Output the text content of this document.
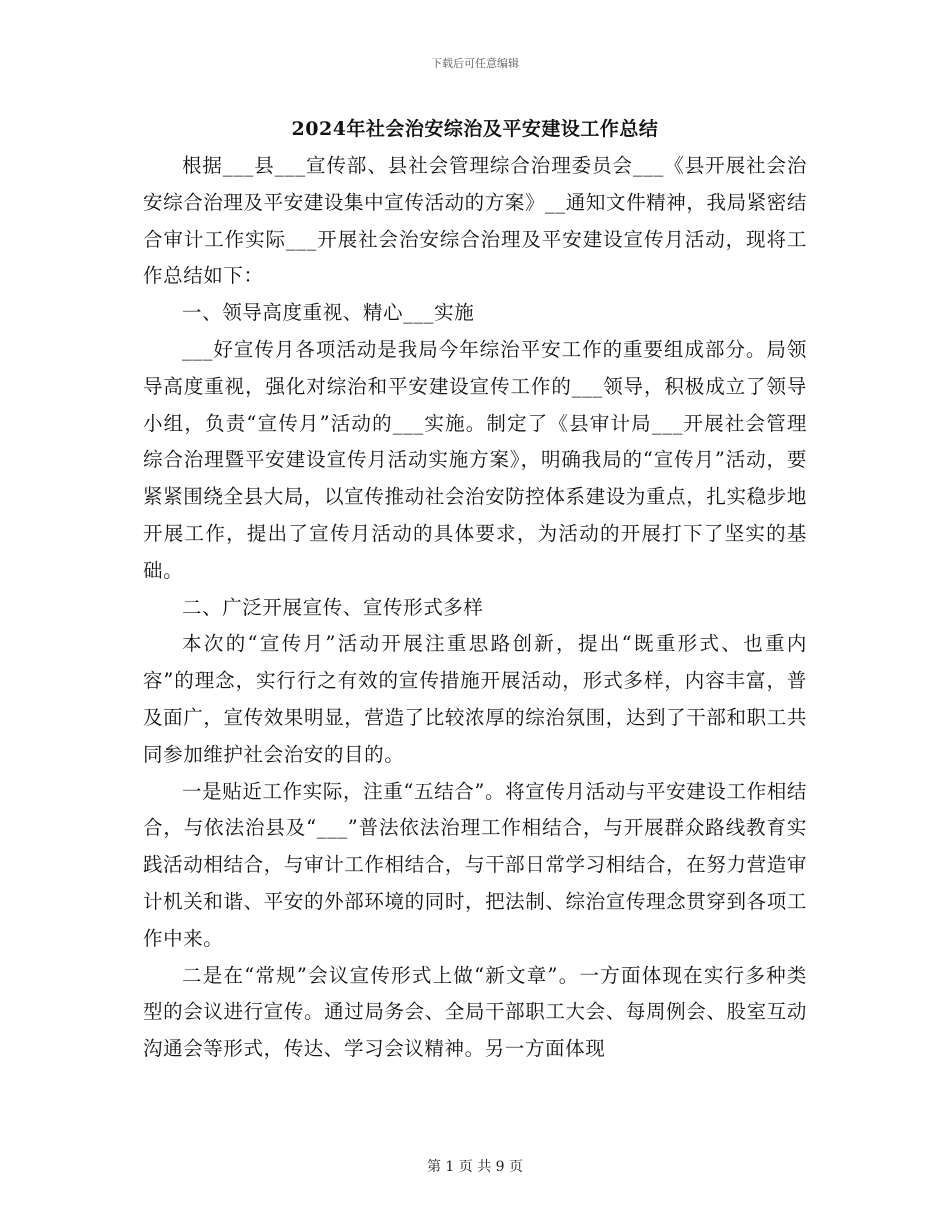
下载后可任意编辑
2024年社会治安综治及平安建设工作总结

根据___县___宣传部、县社会管理综合治理委员会___《县开展社会治安综合治理及平安建设集中宣传活动的方案》__通知文件精神，我局紧密结合审计工作实际___开展社会治安综合治理及平安建设宣传月活动，现将工作总结如下：

一、领导高度重视、精心___实施

___好宣传月各项活动是我局今年综治平安工作的重要组成部分。局领导高度重视，强化对综治和平安建设宣传工作的___领导，积极成立了领导小组，负责“宣传月”活动的___实施。制定了《县审计局___开展社会管理综合治理暨平安建设宣传月活动实施方案》，明确我局的“宣传月”活动，要紧紧围绕全县大局，以宣传推动社会治安防控体系建设为重点，扎实稳步地开展工作，提出了宣传月活动的具体要求，为活动的开展打下了坚实的基础。

二、广泛开展宣传、宣传形式多样

本次的“宣传月”活动开展注重思路创新，提出“既重形式、也重内容”的理念，实行行之有效的宣传措施开展活动，形式多样，内容丰富，普及面广，宣传效果明显，营造了比较浓厚的综治氛围，达到了干部和职工共同参加维护社会治安的目的。

一是贴近工作实际，注重“五结合”。将宣传月活动与平安建设工作相结合，与依法治县及“___”普法依法治理工作相结合，与开展群众路线教育实践活动相结合，与审计工作相结合，与干部日常学习相结合，在努力营造审计机关和谐、平安的外部环境的同时，把法制、综治宣传理念贯穿到各项工作中来。

二是在“常规”会议宣传形式上做“新文章”。一方面体现在实行多种类型的会议进行宣传。通过局务会、全局干部职工大会、每周例会、股室互动沟通会等形式，传达、学习会议精神。另一方面体现

第 1 页 共 9 页
